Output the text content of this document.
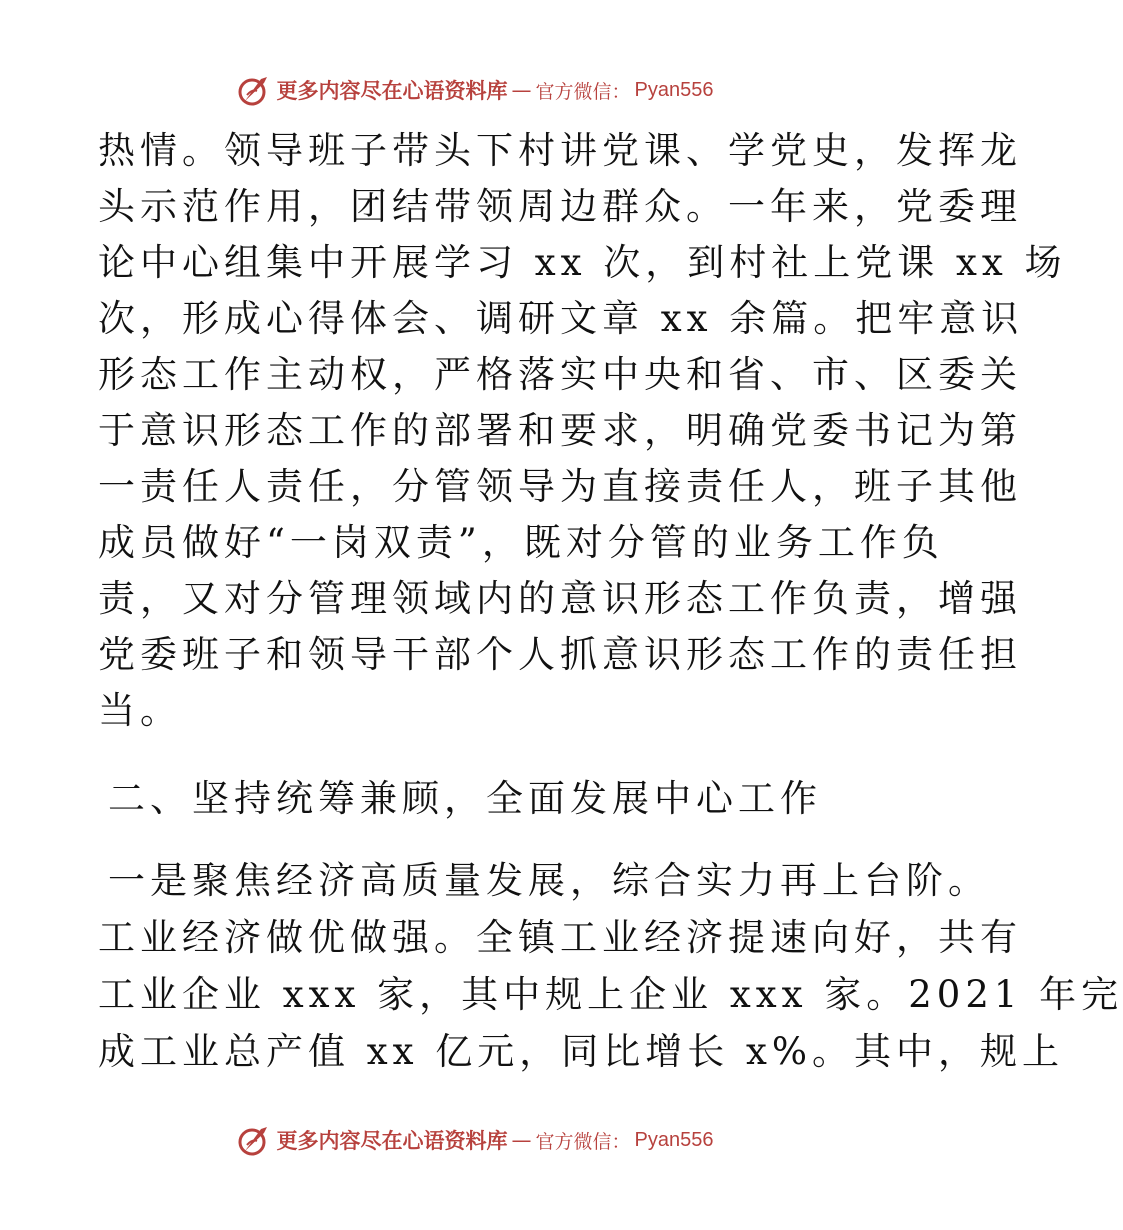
更多内容尽在心语资料库 — 官方微信： Pyan556
热情。领导班子带头下村讲党课、学党史，发挥龙
头示范作用，团结带领周边群众。一年来，党委理
论中心组集中开展学习 xx 次，到村社上党课 xx 场
次，形成心得体会、调研文章 xx 余篇。把牢意识
形态工作主动权，严格落实中央和省、市、区委关
于意识形态工作的部署和要求，明确党委书记为第
一责任人责任，分管领导为直接责任人，班子其他
成员做好“一岗双责”，既对分管的业务工作负
责，又对分管理领域内的意识形态工作负责，增强
党委班子和领导干部个人抓意识形态工作的责任担
当。
二、坚持统筹兼顾，全面发展中心工作
一是聚焦经济高质量发展，综合实力再上台阶。
工业经济做优做强。全镇工业经济提速向好，共有
工业企业 xxx 家，其中规上企业 xxx 家。2021 年完
成工业总产值 xx 亿元，同比增长 x%。其中，规上
更多内容尽在心语资料库 — 官方微信： Pyan556
